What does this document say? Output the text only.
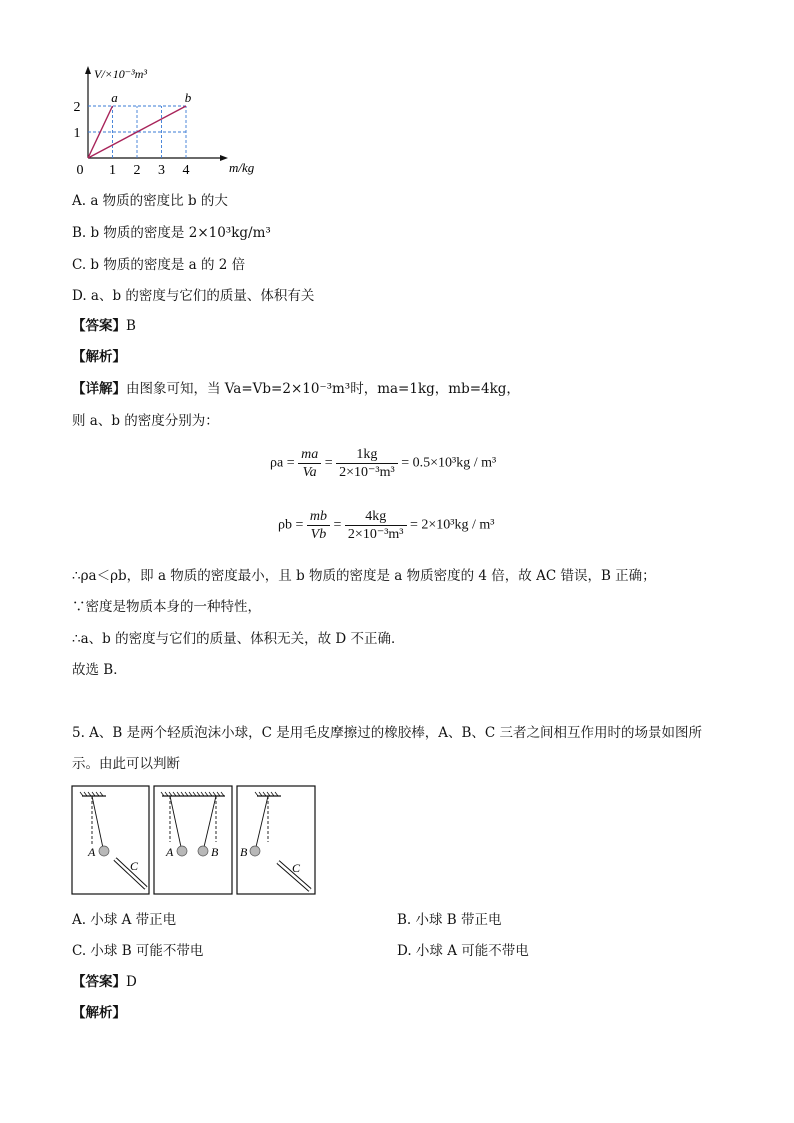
0 1 2 3 4
1
2
a	b
V/×10⁻³m³
m/kg
A. a 物质的密度比 b 的大
B. b 物质的密度是 2×10³kg/m³
C. b 物质的密度是 a 的 2 倍
D. a、b 的密度与它们的质量、体积有关
【答案】B
【解析】
【详解】由图象可知，当 Va=Vb=2×10⁻³m³时，ma=1kg，mb=4kg，
则 a、b 的密度分别为：
$\rho a = \frac{ma}{Va} = \frac{1kg}{\text{2×10⁻³m³}} = 0.5\times 10^3kg / m^3$
$\rho b = \frac{mb}{Vb} = \frac{4kg}{\text{2×10⁻³m³}} = 2\times 10^3kg / m^3$
∴ρa＜ρb，即 a 物质的密度最小，且 b 物质的密度是 a 物质密度的 4 倍，故 AC 错误，B 正确；
∵密度是物质本身的一种特性，
∴a、b 的密度与它们的质量、体积无关，故 D 不正确．
故选 B．
5. A、B 是两个轻质泡沫小球，C 是用毛皮摩擦过的橡胶棒，A、B、C 三者之间相互作用时的场景如图所
示。由此可以判断
A
C
A	B B
C
A. 小球 A 带正电	B. 小球 B 带正电
C. 小球 B 可能不带电	D. 小球 A 可能不带电
【答案】D
【解析】
